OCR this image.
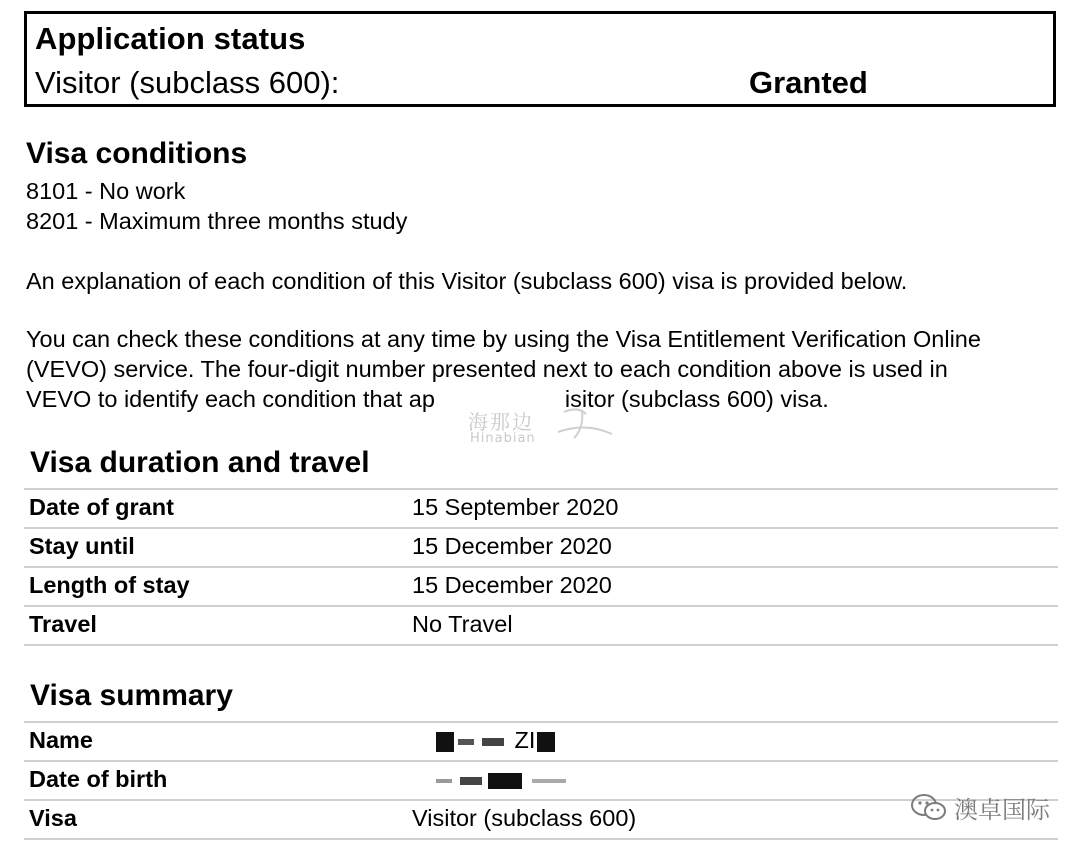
Application status
Visitor (subclass 600):	Granted
Visa conditions
8101 - No work
8201 - Maximum three months study
An explanation of each condition of this Visitor (subclass 600) visa is provided below.
You can check these conditions at any time by using the Visa Entitlement Verification Online
(VEVO) service. The four-digit number presented next to each condition above is used in
VEVO to identify each condition that ap	isitor (subclass 600) visa.
海那边
Hinabian
Visa duration and travel
Date of grant	15 September 2020
Stay until	15 December 2020
Length of stay	15 December 2020
Travel	No Travel
Visa summary
Name	ZI
Date of birth
Visa	Visitor (subclass 600)	澳卓国际
